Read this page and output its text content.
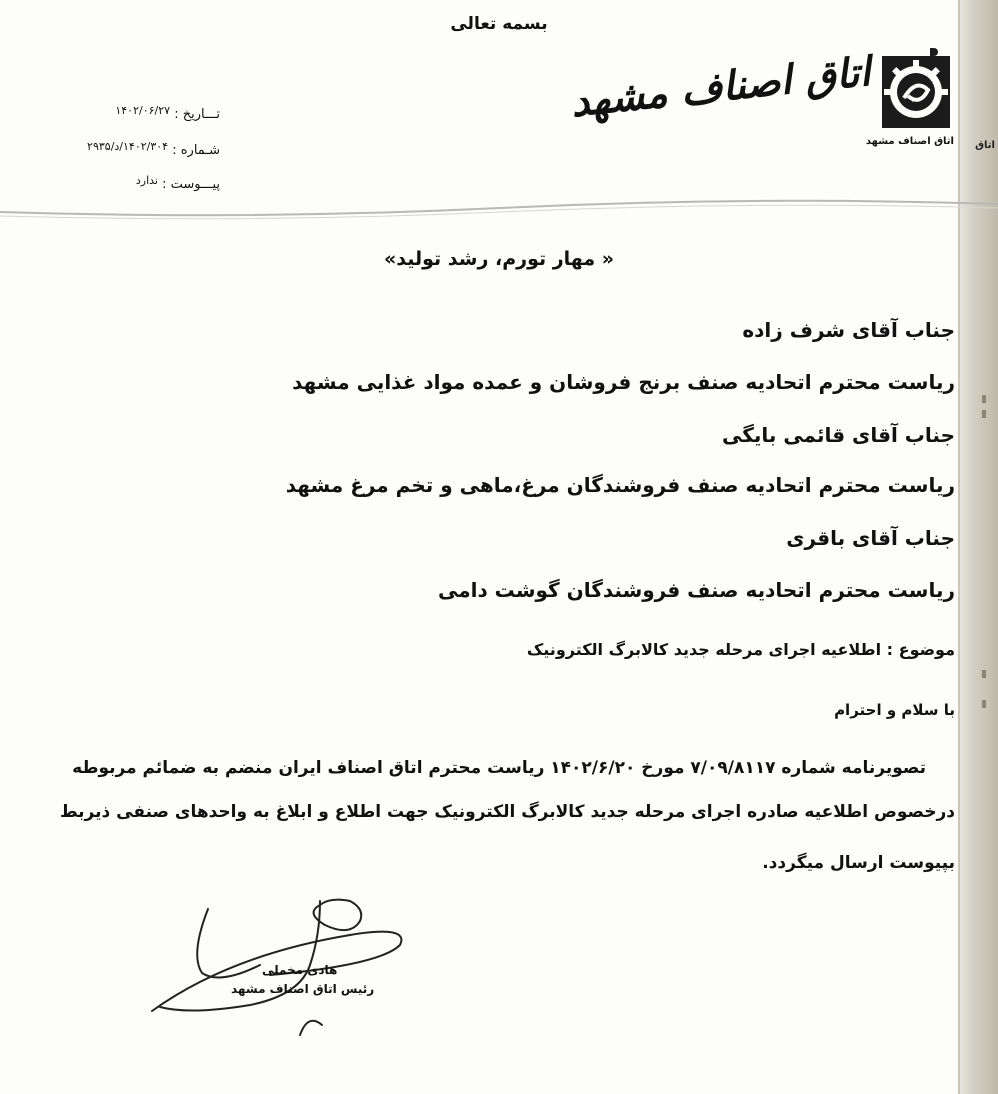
بسمه تعالی
اتاق اصناف مشهد اتاق
اتاق اصناف مشهد
تـــاریخ : $^{۱۴۰۲/۰۶/۲۷}$
شـماره : $^{۱۴۰۲/۳۰۴/د/۲۹۳۵}$
پیـــوست : $^{ندارد}$
« مهار تورم، رشد تولید»
جناب آقای شرف زاده
ریاست محترم اتحادیه صنف برنج فروشان و عمده مواد غذایی مشهد
جناب آقای قائمی بایگی
ریاست محترم اتحادیه صنف فروشندگان مرغ،ماهی و تخم مرغ مشهد
جناب آقای باقری
ریاست محترم اتحادیه صنف فروشندگان گوشت دامی
موضوع : اطلاعیه اجرای مرحله جدید کالابرگ الکترونیک
با سلام و احترام
تصویرنامه شماره ۷/۰۹/۸۱۱۷ مورخ ۱۴۰۲/۶/۲۰ ریاست محترم اتاق اصناف ایران منضم به ضمائم مربوطه
درخصوص اطلاعیه صادره اجرای مرحله جدید کالابرگ الکترونیک جهت اطلاع و ابلاغ به واحدهای صنفی ذیربط
بپیوست ارسال میگردد.
هادی مخملی
رئیس اتاق اصناف مشهد
